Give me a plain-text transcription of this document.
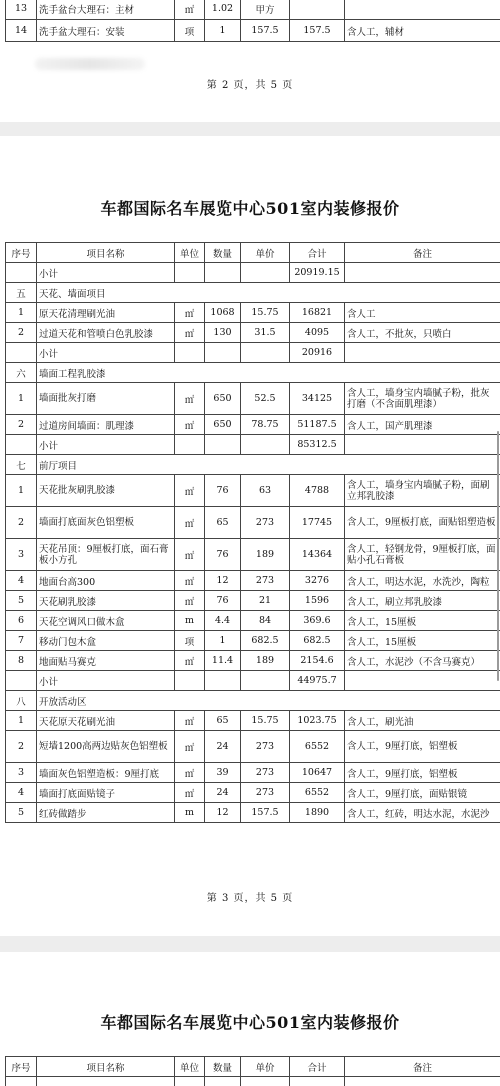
13	洗手盆台大理石：主材	㎡	1.02	甲方		
14	洗手盆大理石：安装	项	1	157.5	157.5	含人工，辅材
第 2 页，共 5 页
车都国际名车展览中心501室内装修报价
序号	项目名称	单位	数量	单价	合计	备注
	小计				20919.15	
五	天花、墙面项目					
1	原天花清理刷光油	㎡	1068	15.75	16821	含人工
2	过道天花和管喷白色乳胶漆	㎡	130	31.5	4095	含人工，不批灰，只喷白
	小计				20916	
六	墙面工程乳胶漆					
1	墙面批灰打磨	㎡	650	52.5	34125	含人工，墙身宝内墙腻子粉，批灰打磨（不含面肌理漆）
2	过道房间墙面：肌理漆	㎡	650	78.75	51187.5	含人工，国产肌理漆
	小计				85312.5	
七	前厅项目					
1	天花批灰刷乳胶漆	㎡	76	63	4788	含人工，墙身宝内墙腻子粉，面刷立邦乳胶漆
2	墙面打底面灰色铝塑板	㎡	65	273	17745	含人工，9厘板打底，面贴铝塑造板
3	天花吊顶：9厘板打底，面石膏板小方孔	㎡	76	189	14364	含人工，轻钢龙骨，9厘板打底，面贴小孔石膏板
4	地面台高300	㎡	12	273	3276	含人工，明达水泥，水洗沙，陶粒
5	天花刷乳胶漆	㎡	76	21	1596	含人工，刷立邦乳胶漆
6	天花空调风口做木盒	m	4.4	84	369.6	含人工，15厘板
7	移动门包木盒	项	1	682.5	682.5	含人工，15厘板
8	地面贴马赛克	㎡	11.4	189	2154.6	含人工，水泥沙（不含马赛克）
	小计				44975.7	
八	开放活动区					
1	天花原天花刷光油	㎡	65	15.75	1023.75	含人工，刷光油
2	短墙1200高两边贴灰色铝塑板	㎡	24	273	6552	含人工，9厘打底，铝塑板
3	墙面灰色铝塑造板：9厘打底	㎡	39	273	10647	含人工，9厘打底，铝塑板
4	墙面打底面贴镜子	㎡	24	273	6552	含人工，9厘打底，面贴银镜
5	红砖做踏步	m	12	157.5	1890	含人工，红砖，明达水泥，水泥沙
第 3 页，共 5 页
车都国际名车展览中心501室内装修报价
序号	项目名称	单位	数量	单价	合计	备注
